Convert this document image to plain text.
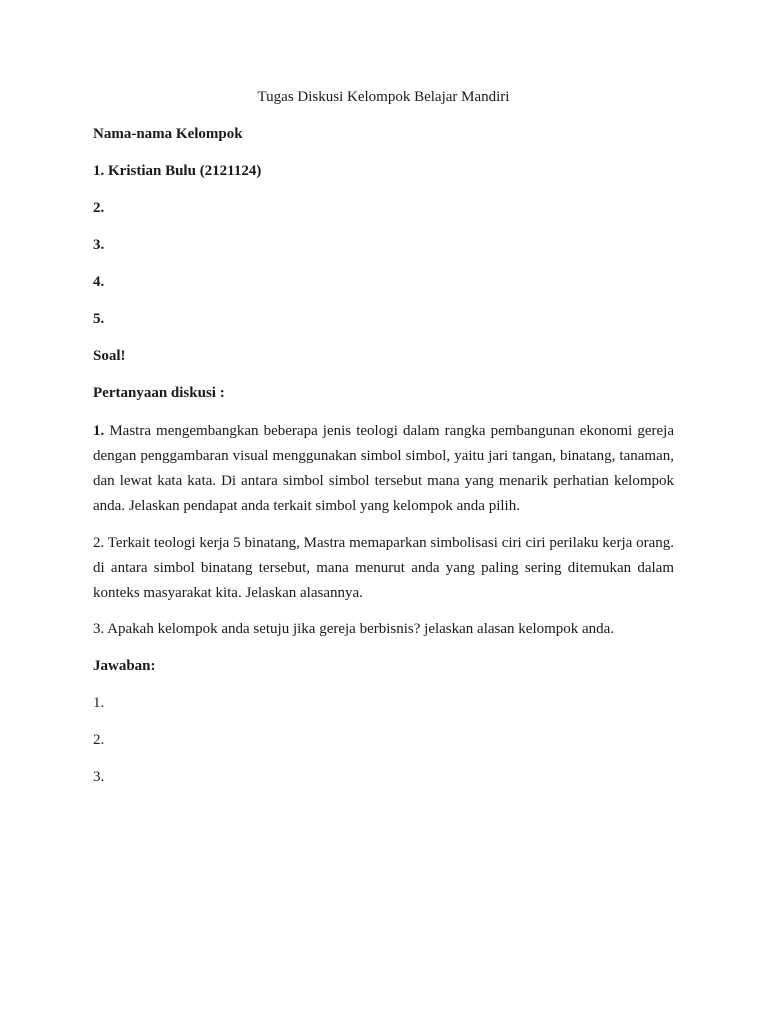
Tugas Diskusi Kelompok Belajar Mandiri
Nama-nama Kelompok
1. Kristian Bulu (2121124)
2.
3.
4.
5.
Soal!
Pertanyaan diskusi :

1. Mastra mengembangkan beberapa jenis teologi dalam rangka pembangunan ekonomi gereja dengan penggambaran visual menggunakan simbol simbol, yaitu jari tangan, binatang, tanaman, dan lewat kata kata. Di antara simbol simbol tersebut mana yang menarik perhatian kelompok anda. Jelaskan pendapat anda terkait simbol yang kelompok anda pilih.

2. Terkait teologi kerja 5 binatang, Mastra memaparkan simbolisasi ciri ciri perilaku kerja orang. di antara simbol binatang tersebut, mana menurut anda yang paling sering ditemukan dalam konteks masyarakat kita. Jelaskan alasannya.

3. Apakah kelompok anda setuju jika gereja berbisnis? jelaskan alasan kelompok anda.
Jawaban:
1.
2.
3.
